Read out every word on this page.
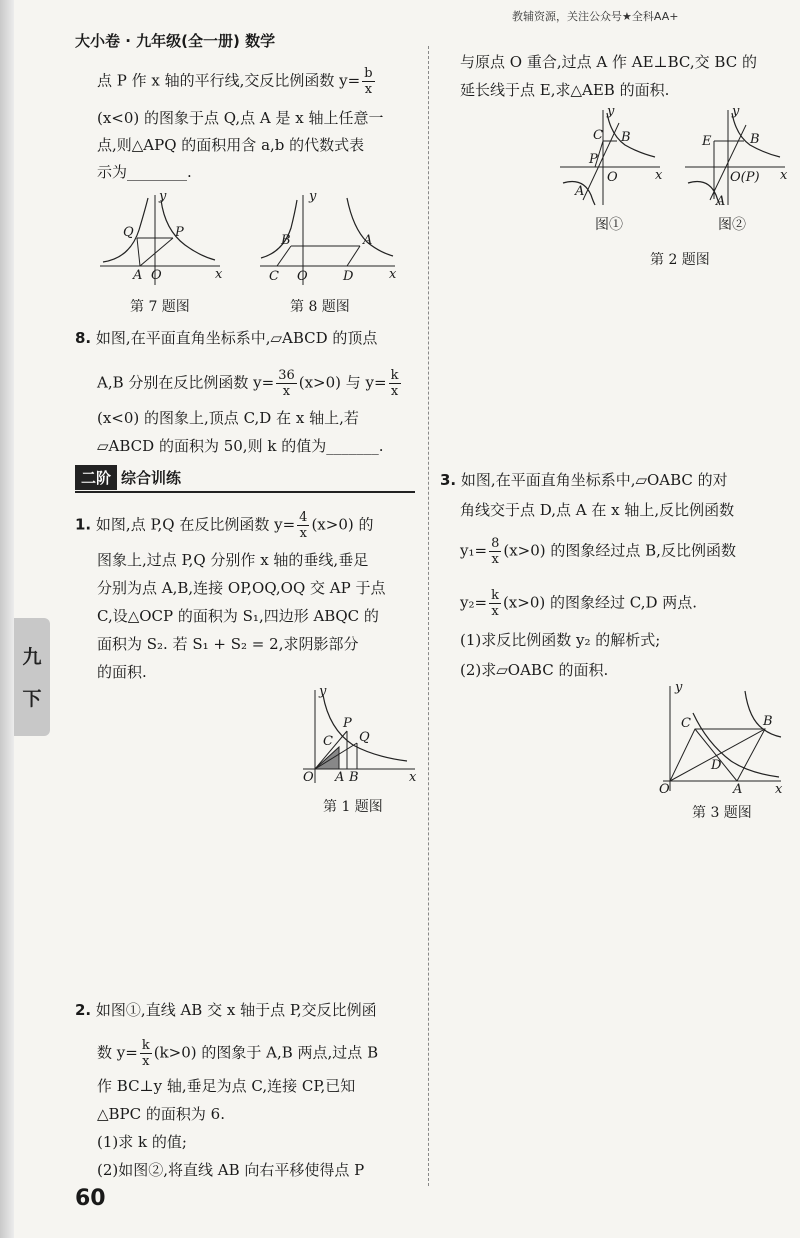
九
下
大小卷 · 九年级(全一册) 数学
教辅资源，关注公众号★全科AA+
点 P 作 x 轴的平行线,交反比例函数 $y= \frac{b}{x}$
(x<0) 的图象于点 Q,点 A 是 x 轴上任意一
点,则△APQ 的面积用含 a,b 的代数式表
示为________.
Q	P
A O	x
y
第 7 题图
B	A
C O	D	x
y
第 8 题图
8. 如图,在平面直角坐标系中,▱ABCD 的顶点
A,B 分别在反比例函数 $y= \frac{36}{x} (x>0)$ 与 $y= \frac{k}{x}$
(x<0) 的图象上,顶点 C,D 在 x 轴上,若
▱ABCD 的面积为 50,则 k 的值为_______.
二阶 综合训练
1. 如图,点 P,Q 在反比例函数 $y= \frac{4}{x} (x>0)$ 的
图象上,过点 P,Q 分别作 x 轴的垂线,垂足
分别为点 A,B,连接 OP,OQ,OQ 交 AP 于点
C,设△OCP 的面积为 S₁,四边形 ABQC 的
面积为 S₂. 若 S₁ + S₂ = 2,求阴影部分
的面积.
P
Q
C
O A B	x
y
第 1 题图
2. 如图①,直线 AB 交 x 轴于点 P,交反比例函
数 $y= \frac{k}{x} (k>0)$ 的图象于 A,B 两点,过点 B
作 BC⊥y 轴,垂足为点 C,连接 CP,已知
△BPC 的面积为 6.
(1)求 k 的值;
(2)如图②,将直线 AB 向右平移使得点 P
60
与原点 O 重合,过点 A 作 AE⊥BC,交 BC 的
延长线于点 E,求△AEB 的面积.
C B
P
O
A
x
y
图①
E	B
O(P)
A
x
y
图②
第 2 题图
3. 如图,在平面直角坐标系中,▱OABC 的对
角线交于点 D,点 A 在 x 轴上,反比例函数
$y_1= \frac{8}{x} (x>0)$ 的图象经过点 B,反比例函数
$y_2= \frac{k}{x} (x>0)$ 的图象经过 C,D 两点.
(1)求反比例函数 y₂ 的解析式;
(2)求▱OABC 的面积.
C	B
D
O	A	x
y
第 3 题图
